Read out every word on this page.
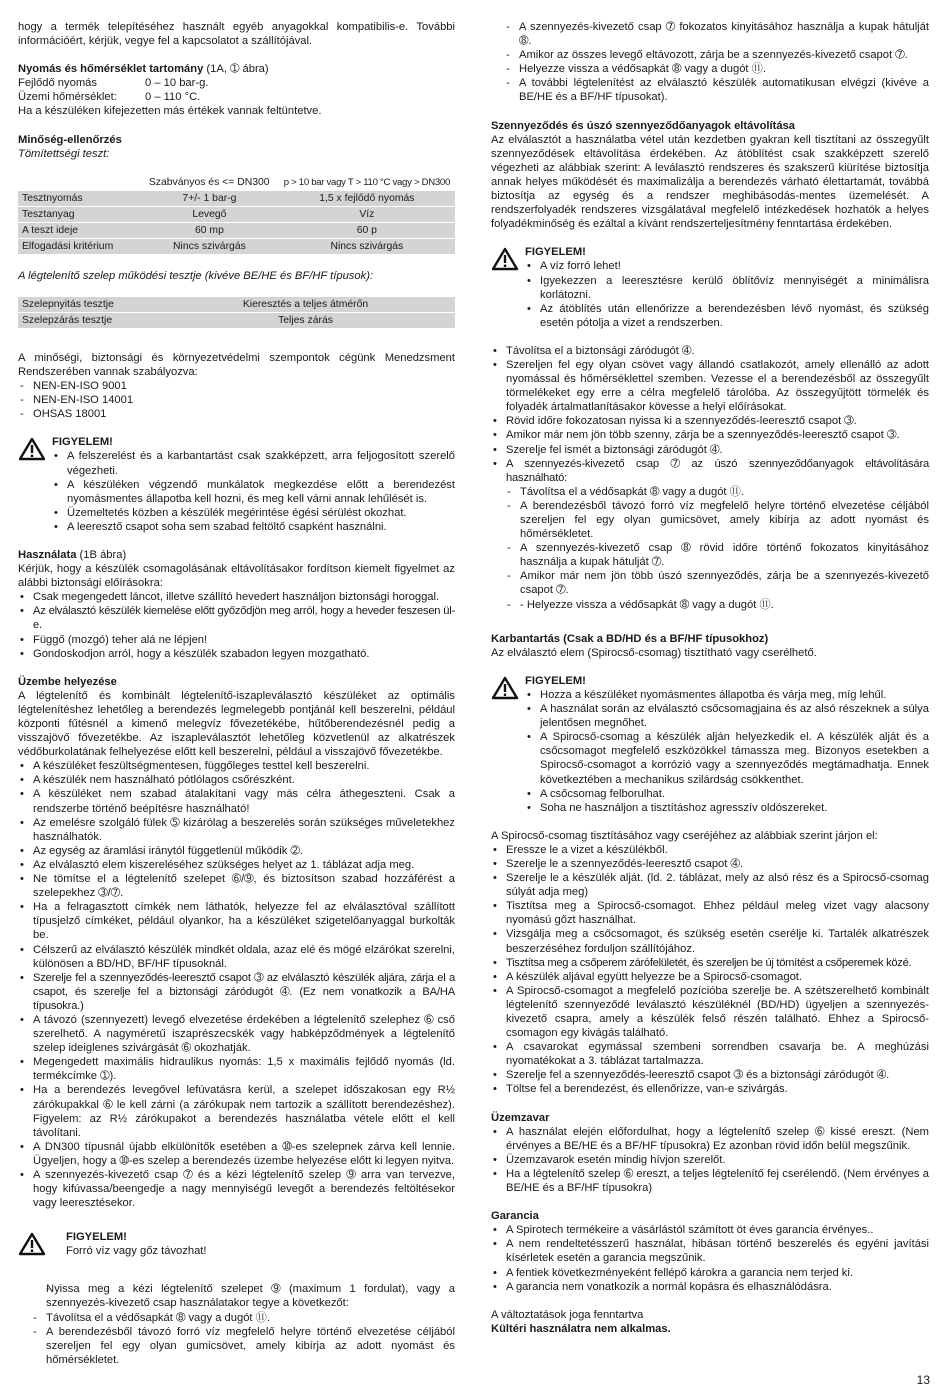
hogy a termék telepítéséhez használt egyéb anyagokkal kompatibilis-e. További információért, kérjük, vegye fel a kapcsolatot a szállítójával.

Nyomás és hőmérséklet tartomány (1A, ➀ ábra)

Fejlődő nyomás	0 – 10 bar-g.
Üzemi hőmérséklet:	0 – 110 °C.

Ha a készüléken kifejezetten más értékek vannak feltüntetve.

Minőség-ellenőrzés

Tömítettségi teszt:

	Szabványos és <= DN300	p > 10 bar vagy T > 110 °C vagy > DN300
Tesztnyomás	7+/- 1 bar-g	1,5 x fejlődő nyomás
Tesztanyag	Levegő	Víz
A teszt ideje	60 mp	60 p
Elfogadási kritérium	Nincs szivárgás	Nincs szivárgás

A légtelenítő szelep működési tesztje (kivéve BE/HE és BF/HF típusok):

Szelepnyitás tesztje	Kieresztés a teljes átmérőn
Szelepzárás tesztje	Teljes zárás

A minőségi, biztonsági és környezetvédelmi szempontok cégünk Menedzsment Rendszerében vannak szabályozva:

- NEN-EN-ISO 9001
- NEN-EN-ISO 14001
- OHSAS 18001

FIGYELEM!

• A felszerelést és a karbantartást csak szakképzett, arra feljogosított szerelő végezheti.
• A készüléken végzendő munkálatok megkezdése előtt a berendezést nyomásmentes állapotba kell hozni, és meg kell várni annak lehűlését is.
• Üzemeltetés közben a készülék megérintése égési sérülést okozhat.
• A leeresztő csapot soha sem szabad feltöltő csapként használni.

Használata (1B ábra)

Kérjük, hogy a készülék csomagolásának eltávolításakor fordítson kiemelt figyelmet az alábbi biztonsági előírásokra:

• Csak megengedett láncot, illetve szállító hevedert használjon biztonsági horoggal.
• Az elválasztó készülék kiemelése előtt győződjön meg arról, hogy a heveder feszesen ül-e.
• Függő (mozgó) teher alá ne lépjen!
• Gondoskodjon arról, hogy a készülék szabadon legyen mozgatható.

Üzembe helyezése

A légtelenítő és kombinált légtelenítő-iszapleválasztó készüléket az optimális légtelenítéshez lehetőleg a berendezés legmelegebb pontjánál kell beszerelni, például központi fűtésnél a kimenő melegvíz fővezetékébe, hűtőberendezésnél pedig a visszajövő fővezetékbe. Az iszapleválasztót lehetőleg közvetlenül az alkatrészek védőburkolatának felhelyezése előtt kell beszerelni, például a visszajövő fővezetékbe.

• A készüléket feszültségmentesen, függőleges testtel kell beszerelni.
• A készülék nem használható pótlólagos csőrészként.
• A készüléket nem szabad átalakítani vagy más célra áthegeszteni. Csak a rendszerbe történő beépítésre használható!
• Az emelésre szolgáló fülek ➄ kizárólag a beszerelés során szükséges műveletekhez használhatók.
• Az egység az áramlási iránytól függetlenül működik ➁.
• Az elválasztó elem kiszereléséhez szükséges helyet az 1. táblázat adja meg.
• Ne tömítse el a légtelenítő szelepet ➅/➈, és biztosítson szabad hozzáférést a szelepekhez ➂/➆.
• Ha a felragasztott címkék nem láthatók, helyezze fel az elválasztóval szállított típusjelző címkéket, például olyankor, ha a készüléket szigetelőanyaggal burkolták be.
• Célszerű az elválasztó készülék mindkét oldala, azaz elé és mögé elzárókat szerelni, különösen a BD/HD, BF/HF típusoknál.
• Szerelje fel a szennyeződés-leeresztő csapot ➂ az elválasztó készülék aljára, zárja el a csapot, és szerelje fel a biztonsági záródugót ➃. (Ez nem vonatkozik a BA/HA típusokra.)
• A távozó (szennyezett) levegő elvezetése érdekében a légtelenítő szelephez ➅ cső szerelhető. A nagyméretű iszaprészecskék vagy habképződmények a légtelenítő szelep ideiglenes szivárgását ➅ okozhatják.
• Megengedett maximális hidraulikus nyomás: 1,5 x maximális fejlődő nyomás (ld. termékcímke ➀).
• Ha a berendezés levegővel lefúvatásra kerül, a szelepet időszakosan egy R½ zárókupakkal ➅ le kell zárni (a zárókupak nem tartozik a szállított berendezéshez). Figyelem: az R½ zárókupakot a berendezés használatba vétele előtt el kell távolítani.
• A DN300 típusnál újabb elkülönítők esetében a ➉-es szelepnek zárva kell lennie. Ügyeljen, hogy a ➉-es szelep a berendezés üzembe helyezése előtt ki legyen nyitva.
• A szennyezés-kivezető csap ➆ és a kézi légtelenítő szelep ➈ arra van tervezve, hogy kifúvassa/beengedje a nagy mennyiségű levegőt a berendezés feltöltésekor vagy leeresztésekor.

FIGYELEM!

Forró víz vagy gőz távozhat!

- Nyissa meg a kézi légtelenítő szelepet ➈ (maximum 1 fordulat), vagy a szennyezés-kivezető csap használatakor tegye a következőt:
- Távolítsa el a védősapkát ➇ vagy a dugót ⑪.
- A berendezésből távozó forró víz megfelelő helyre történő elvezetése céljából szereljen fel egy olyan gumicsövet, amely kibírja az adott nyomást és hőmérsékletet.
- A szennyezés-kivezető csap ➆ fokozatos kinyitásához használja a kupak hátulját ➇.
- Amikor az összes levegő eltávozott, zárja be a szennyezés-kivezető csapot ➆.
- Helyezze vissza a védősapkát ➇ vagy a dugót ⑪.
- A további légtelenítést az elválasztó készülék automatikusan elvégzi (kivéve a BE/HE és a BF/HF típusokat).

Szennyeződés és úszó szennyeződőanyagok eltávolítása

Az elválasztót a használatba vétel után kezdetben gyakran kell tisztítani az összegyűlt szennyeződések eltávolítása érdekében. Az átöblítést csak szakképzett szerelő végezheti az alábbiak szerint: A leválasztó rendszeres és szakszerű kiürítése biztosítja annak helyes működését és maximalizálja a berendezés várható élettartamát, továbbá biztosítja az egység és a rendszer meghibásodás-mentes üzemelését. A rendszerfolyadék rendszeres vizsgálatával megfelelő intézkedések hozhatók a helyes folyadékminőség és ezáltal a kívánt rendszerteljesítmény fenntartása érdekében.

FIGYELEM!

• A víz forró lehet!
• Igyekezzen a leeresztésre kerülő öblítővíz mennyiségét a minimálisra korlátozni.
• Az átöblítés után ellenőrizze a berendezésben lévő nyomást, és szükség esetén pótolja a vizet a rendszerben.
• Távolítsa el a biztonsági záródugót ➃.
• Szereljen fel egy olyan csövet vagy állandó csatlakozót, amely ellenálló az adott nyomással és hőmérséklettel szemben. Vezesse el a berendezésből az összegyűlt törmelékeket egy erre a célra megfelelő tárolóba. Az összegyűjtött törmelék és folyadék ártalmatlanításakor kövesse a helyi előírásokat.
• Rövid időre fokozatosan nyissa ki a szennyeződés-leeresztő csapot ➂.
• Amikor már nem jön több szenny, zárja be a szennyeződés-leeresztő csapot ➂.
• Szerelje fel ismét a biztonsági záródugót ➃.
• A szennyezés-kivezető csap ➆ az úszó szennyeződőanyagok eltávolítására használható:
- Távolítsa el a védősapkát ➇ vagy a dugót ⑪.
- A berendezésből távozó forró víz megfelelő helyre történő elvezetése céljából szereljen fel egy olyan gumicsövet, amely kibírja az adott nyomást és hőmérsékletet.
- A szennyezés-kivezető csap ➇ rövid időre történő fokozatos kinyitásához használja a kupak hátulját ➆.
- Amikor már nem jön több úszó szennyeződés, zárja be a szennyezés-kivezető csapot ➆.
- - Helyezze vissza a védősapkát ➇ vagy a dugót ⑪.

Karbantartás (Csak a BD/HD és a BF/HF típusokhoz)

Az elválasztó elem (Spirocső-csomag) tisztítható vagy cserélhető.

FIGYELEM!

• Hozza a készüléket nyomásmentes állapotba és várja meg, míg lehűl.
• A használat során az elválasztó csőcsomagjaina és az alsó részeknek a súlya jelentősen megnőhet.
• A Spirocső-csomag a készülék alján helyezkedik el. A készülék alját és a csőcsomagot megfelelő eszközökkel támassza meg. Bizonyos esetekben a Spirocső-csomagot a korrózió vagy a szennyeződés megtámadhatja. Ennek következtében a mechanikus szilárdság csökkenthet.
• A csőcsomag felborulhat.
• Soha ne használjon a tisztításhoz agresszív oldószereket.

A Spirocső-csomag tisztításához vagy cseréjéhez az alábbiak szerint járjon el:

• Eressze le a vizet a készülékből.
• Szerelje le a szennyeződés-leeresztő csapot ➃.
• Szerelje le a készülék alját. (ld. 2. táblázat, mely az alsó rész és a Spirocső-csomag súlyát adja meg)
• Tisztítsa meg a Spirocső-csomagot. Ehhez például meleg vizet vagy alacsony nyomású gőzt használhat.
• Vizsgálja meg a csőcsomagot, és szükség esetén cserélje ki. Tartalék alkatrészek beszerzéséhez forduljon szállítójához.
• Tisztítsa meg a csőperem zárófelületét, és szereljen be új tömítést a csőperemek közé.
• A készülék aljával együtt helyezze be a Spirocső-csomagot.
• A Spirocső-csomagot a megfelelő pozícióba szerelje be. A szétszerelhető kombinált légtelenítő szennyeződé leválasztó készüléknél (BD/HD) ügyeljen a szennyezés-kivezető csapra, amely a készülék felső részén található. Ehhez a Spirocső-csomagon egy kivágás található.
• A csavarokat egymással szembeni sorrendben csavarja be. A meghúzási nyomatékokat a 3. táblázat tartalmazza.
• Szerelje fel a szennyeződés-leeresztő csapot ➂ és a biztonsági záródugót ➃.
• Töltse fel a berendezést, és ellenőrizze, van-e szivárgás.

Üzemzavar

• A használat elején előfordulhat, hogy a légtelenítő szelep ➅ kissé ereszt. (Nem érvényes a BE/HE és a BF/HF típusokra) Ez azonban rövid időn belül megszűnik.
• Üzemzavarok esetén mindig hívjon szerelőt.
• Ha a légtelenítő szelep ➅ ereszt, a teljes légtelenítő fej cserélendő. (Nem érvényes a BE/HE és a BF/HF típusokra)

Garancia

• A Spirotech termékeire a vásárlástól számított öt éves garancia érvényes..
• A nem rendeltetésszerű használat, hibásan történő beszerelés és egyéni javítási kísérletek esetén a garancia megszűnik.
• A fentiek következményeként fellépő károkra a garancia nem terjed ki.
• A garancia nem vonatkozik a normál kopásra és elhasználódásra.

A változtatások joga fenntartva

Kültéri használatra nem alkalmas.

13
